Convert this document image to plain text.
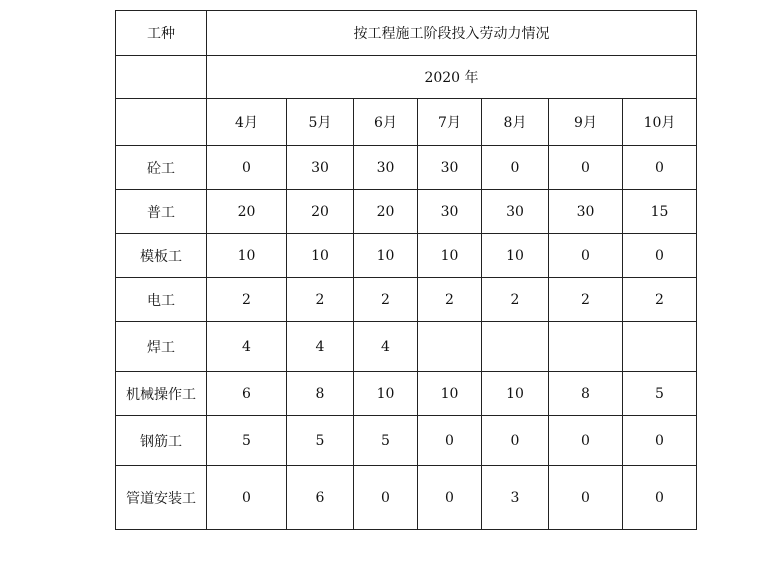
工种	按工程施工阶段投入劳动力情况						
	2020 年						
	4月	5月	6月	7月	8月	9月	10月
砼工	0	30	30	30	0	0	0
普工	20	20	20	30	30	30	15
模板工	10	10	10	10	10	0	0
电工	2	2	2	2	2	2	2
焊工	4	4	4				
机械操作工	6	8	10	10	10	8	5
钢筋工	5	5	5	0	0	0	0
管道安装工	0	6	0	0	3	0	0
